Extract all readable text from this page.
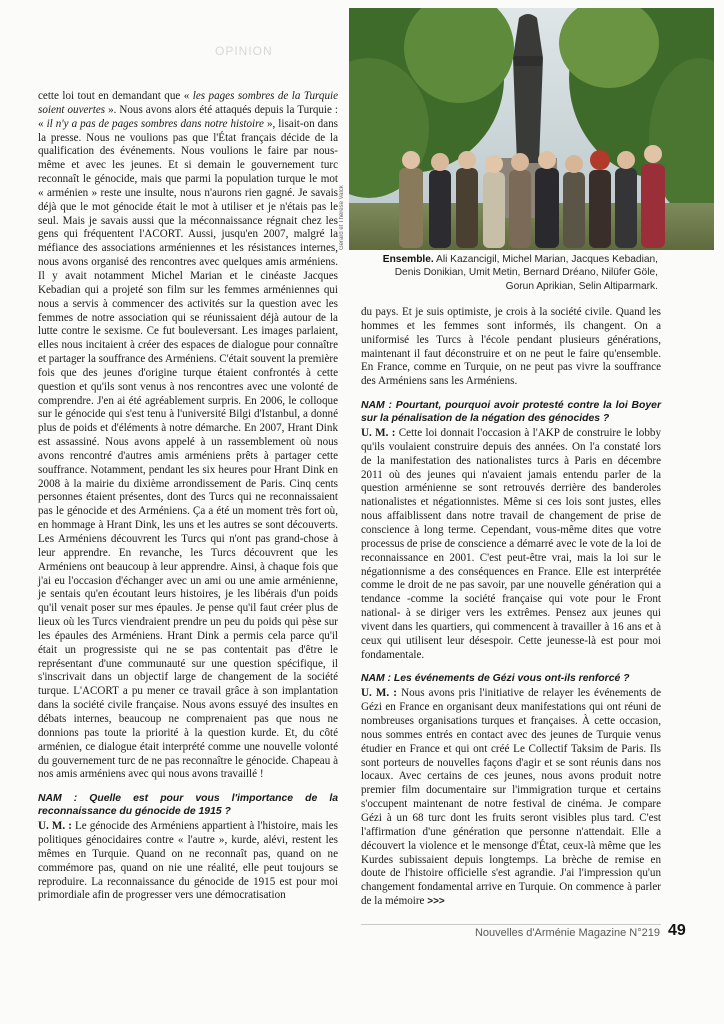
OPINION

cette loi tout en demandant que « les pages sombres de la Turquie soient ouvertes ». Nous avons alors été attaqués depuis la Turquie : « il n'y a pas de pages sombres dans notre histoire », lisait-on dans la presse. Nous ne voulions pas que l'État français décide de la qualification des événements. Nous voulions le faire par nous-même et avec les jeunes. Et si demain le gouvernement turc reconnaît le génocide, mais que parmi la population turque le mot « arménien » reste une insulte, nous n'aurons rien gagné. Je savais déjà que le mot génocide était le mot à utiliser et je n'étais pas le seul. Mais je savais aussi que la méconnaissance régnait chez les gens qui fréquentent l'ACORT. Aussi, jusqu'en 2007, malgré la méfiance des associations arméniennes et les résistances internes, nous avons organisé des rencontres avec quelques amis arméniens. Il y avait notamment Michel Marian et le cinéaste Jacques Kebadian qui a projeté son film sur les femmes arméniennes qui nous a servis à commencer des activités sur la question avec les femmes de notre association qui se réunissaient déjà autour de la lutte contre le sexisme. Ce fut bouleversant. Les images parlaient, elles nous incitaient à créer des espaces de dialogue pour connaître et partager la souffrance des Arméniens. C'était souvent la première fois que des jeunes d'origine turque étaient confrontés à cette question et qu'ils sont venus à nos rencontres avec une volonté de comprendre. J'en ai été agréablement surpris. En 2006, le colloque sur le génocide qui s'est tenu à l'université Bilgi d'Istanbul, a donné plus de poids et d'éléments à notre démarche. En 2007, Hrant Dink est assassiné. Nous avons appelé à un rassemblement où nous avons rencontré d'autres amis arméniens prêts à partager cette souffrance. Notamment, pendant les six heures pour Hrant Dink en 2008 à la mairie du dixième arrondissement de Paris. Cinq cents personnes étaient présentes, dont des Turcs qui ne reconnaissaient pas le génocide et des Arméniens. Ça a été un moment très fort où, en hommage à Hrant Dink, les uns et les autres se sont découverts. Les Arméniens découvrent les Turcs qui n'ont pas grand-chose à leur apprendre. En revanche, les Turcs découvrent que les Arméniens ont beaucoup à leur apprendre. Ainsi, à chaque fois que j'ai eu l'occasion d'échanger avec un ami ou une amie arménienne, je sentais qu'en écoutant leurs histoires, je les libérais d'un poids qu'il venait poser sur mes épaules. Je pense qu'il faut créer plus de lieux où les Turcs viendraient prendre un peu du poids qui pèse sur les épaules des Arméniens. Hrant Dink a permis cela parce qu'il était un progressiste qui ne se pas contentait pas d'être le représentant d'une communauté sur une question spécifique, il s'inscrivait dans un objectif large de changement de la société turque. L'ACORT a pu mener ce travail grâce à son implantation dans la société civile française. Nous avons essuyé des insultes en débats internes, beaucoup ne comprenaient pas que nous ne donnions pas toute la priorité à la question kurde. Et, du côté arménien, ce dialogue était interprété comme une nouvelle volonté du gouvernement turc de ne pas reconnaître le génocide. Chapeau à nos amis arméniens avec qui nous avons travaillé !

NAM : Quelle est pour vous l'importance de la reconnaissance du génocide de 1915 ?

U. M. : Le génocide des Arméniens appartient à l'histoire, mais les politiques génocidaires contre « l'autre », kurde, alévi, restent les mêmes en Turquie. Quand on ne reconnaît pas, quand on ne commémore pas, quand on nie une réalité, elle peut toujours se reproduire. La reconnaissance du génocide de 1915 est pour moi primordiale afin de progresser vers une démocratisation

Gérard et Thérèse Valck
Ensemble. Ali Kazancigil, Michel Marian, Jacques Kebadian, Denis Donikian, Umit Metin, Bernard Dréano, Nilüfer Göle, Gorun Aprikian, Selin Altiparmark.

du pays. Et je suis optimiste, je crois à la société civile. Quand les hommes et les femmes sont informés, ils changent. On a uniformisé les Turcs à l'école pendant plusieurs générations, maintenant il faut déconstruire et on ne peut le faire qu'ensemble. En France, comme en Turquie, on ne peut pas vivre la souffrance des Arméniens sans les Arméniens.

NAM : Pourtant, pourquoi avoir protesté contre la loi Boyer sur la pénalisation de la négation des génocides ?

U. M. : Cette loi donnait l'occasion à l'AKP de construire le lobby qu'ils voulaient construire depuis des années. On l'a constaté lors de la manifestation des nationalistes turcs à Paris en décembre 2011 où des jeunes qui n'avaient jamais entendu parler de la question arménienne se sont retrouvés derrière des banderoles nationalistes et négationnistes. Même si ces lois sont justes, elles nous affaiblissent dans notre travail de changement de prise de conscience à long terme. Cependant, vous-même dites que votre processus de prise de conscience a démarré avec le vote de la loi de reconnaissance en 2001. C'est peut-être vrai, mais la loi sur le négationnisme a des conséquences en France. Elle est interprétée comme le droit de ne pas savoir, par une nouvelle génération qui a tendance -comme la société française qui vote pour le Front national- à se diriger vers les extrêmes. Pensez aux jeunes qui vivent dans les quartiers, qui commencent à travailler à 16 ans et à ceux qui utilisent leur désespoir. Cette jeunesse-là est pour moi fondamentale.

NAM : Les événements de Gézi vous ont-ils renforcé ?

U. M. : Nous avons pris l'initiative de relayer les événements de Gézi en France en organisant deux manifestations qui ont réuni de nombreuses organisations turques et françaises. À cette occasion, nous sommes entrés en contact avec des jeunes de Turquie venus étudier en France et qui ont créé Le Collectif Taksim de Paris. Ils sont porteurs de nouvelles façons d'agir et se sont réunis dans nos locaux. Avec certains de ces jeunes, nous avons produit notre premier film documentaire sur l'immigration turque et certains s'occupent maintenant de notre festival de cinéma. Je compare Gézi à un 68 turc dont les fruits seront visibles plus tard. C'est l'affirmation d'une génération que personne n'attendait. Elle a découvert la violence et le mensonge d'État, ceux-là même que les Kurdes subissaient depuis longtemps. La brèche de remise en doute de l'histoire officielle s'est agrandie. J'ai l'impression qu'un changement fondamental arrive en Turquie. On commence à parler de la mémoire >>>

Nouvelles d'Arménie Magazine N°219 49
